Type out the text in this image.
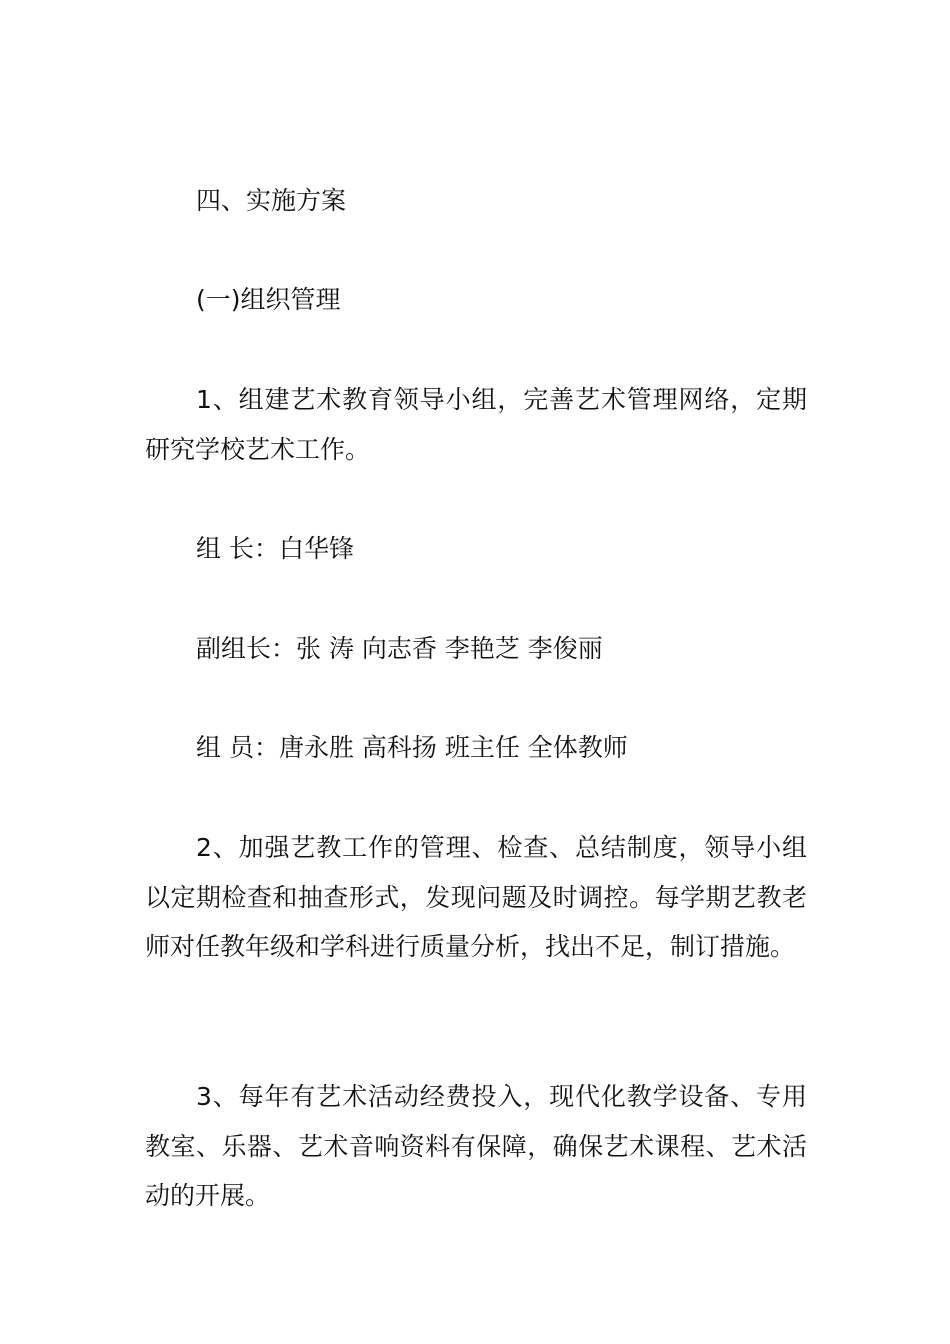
四、实施方案

(一)组织管理

1、组建艺术教育领导小组，完善艺术管理网络，定期研究学校艺术工作。

组 长：白华锋

副组长：张 涛 向志香 李艳芝 李俊丽

组 员：唐永胜 高科扬 班主任 全体教师

2、加强艺教工作的管理、检查、总结制度，领导小组以定期检查和抽查形式，发现问题及时调控。每学期艺教老师对任教年级和学科进行质量分析，找出不足，制订措施。

3、每年有艺术活动经费投入，现代化教学设备、专用教室、乐器、艺术音响资料有保障，确保艺术课程、艺术活动的开展。
